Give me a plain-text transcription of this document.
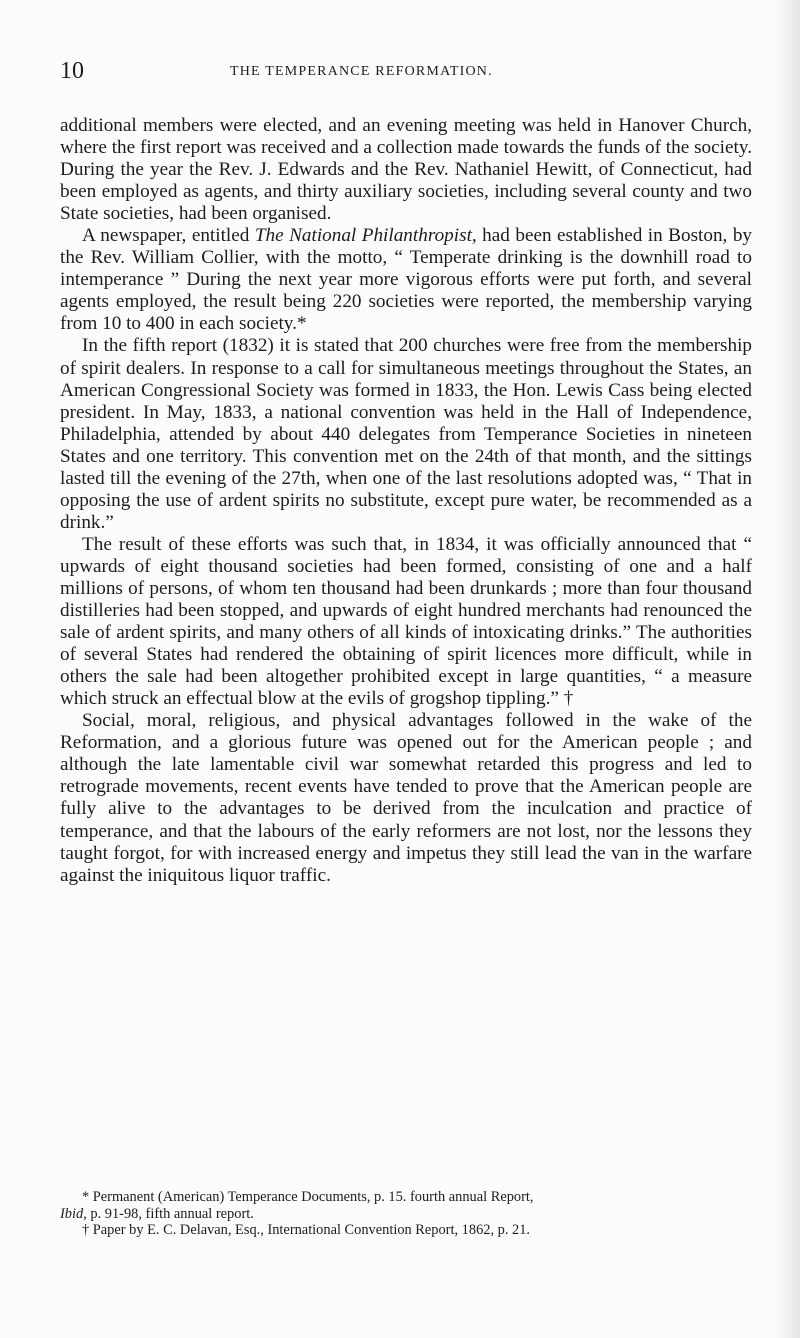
10	THE TEMPERANCE REFORMATION.

additional members were elected, and an evening meeting was held in Hanover Church, where the first report was received and a collection made towards the funds of the society. During the year the Rev. J. Edwards and the Rev. Nathaniel Hewitt, of Connecticut, had been employed as agents, and thirty auxiliary societies, including several county and two State societies, had been organised.

A newspaper, entitled The National Philanthropist, had been established in Boston, by the Rev. William Collier, with the motto, “ Temperate drinking is the downhill road to intemperance ” During the next year more vigorous efforts were put forth, and several agents employed, the result being 220 societies were reported, the membership varying from 10 to 400 in each society.*

In the fifth report (1832) it is stated that 200 churches were free from the membership of spirit dealers. In response to a call for simultaneous meetings throughout the States, an American Congressional Society was formed in 1833, the Hon. Lewis Cass being elected president. In May, 1833, a national convention was held in the Hall of Independence, Philadelphia, attended by about 440 delegates from Temperance Societies in nineteen States and one territory. This convention met on the 24th of that month, and the sittings lasted till the evening of the 27th, when one of the last resolutions adopted was, “ That in opposing the use of ardent spirits no substitute, except pure water, be recommended as a drink.”

The result of these efforts was such that, in 1834, it was officially announced that “ upwards of eight thousand societies had been formed, consisting of one and a half millions of persons, of whom ten thousand had been drunkards ; more than four thousand distilleries had been stopped, and upwards of eight hundred merchants had renounced the sale of ardent spirits, and many others of all kinds of intoxicating drinks.” The authorities of several States had rendered the obtaining of spirit licences more difficult, while in others the sale had been altogether prohibited except in large quantities, “ a measure which struck an effectual blow at the evils of grogshop tippling.” †

Social, moral, religious, and physical advantages followed in the wake of the Reformation, and a glorious future was opened out for the American people ; and although the late lamentable civil war somewhat retarded this progress and led to retrograde movements, recent events have tended to prove that the American people are fully alive to the advantages to be derived from the inculcation and practice of temperance, and that the labours of the early reformers are not lost, nor the lessons they taught forgot, for with increased energy and impetus they still lead the van in the warfare against the iniquitous liquor traffic.

* Permanent (American) Temperance Documents, p. 15. fourth annual Report,

Ibid, p. 91-98, fifth annual report.

† Paper by E. C. Delavan, Esq., International Convention Report, 1862, p. 21.
